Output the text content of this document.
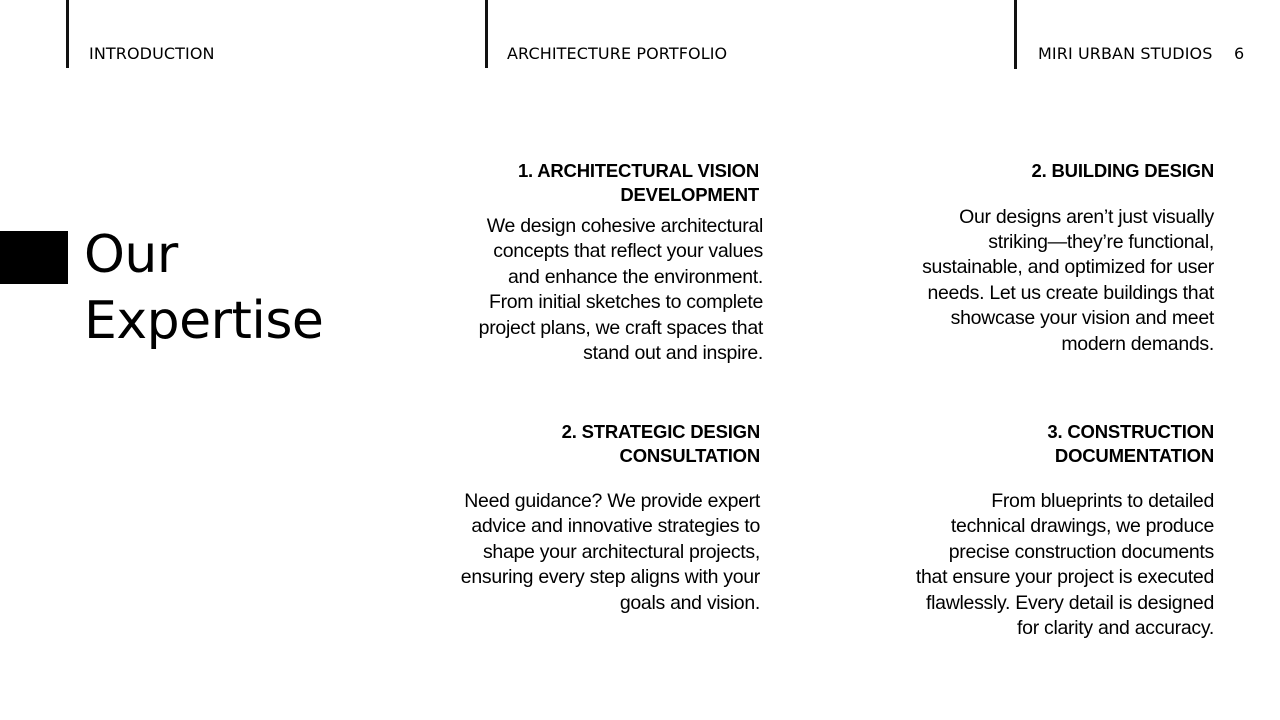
INTRODUCTION	ARCHITECTURE PORTFOLIO	MIRI URBAN STUDIOS 6
Our
Expertise
1. ARCHITECTURAL VISION
DEVELOPMENT
We design cohesive architectural
concepts that reflect your values
and enhance the environment.
From initial sketches to complete
project plans, we craft spaces that
stand out and inspire.
2. BUILDING DESIGN
Our designs aren’t just visually
striking—they’re functional,
sustainable, and optimized for user
needs. Let us create buildings that
showcase your vision and meet
modern demands.
2. STRATEGIC DESIGN
CONSULTATION
Need guidance? We provide expert
advice and innovative strategies to
shape your architectural projects,
ensuring every step aligns with your
goals and vision.
3. CONSTRUCTION
DOCUMENTATION
From blueprints to detailed
technical drawings, we produce
precise construction documents
that ensure your project is executed
flawlessly. Every detail is designed
for clarity and accuracy.
